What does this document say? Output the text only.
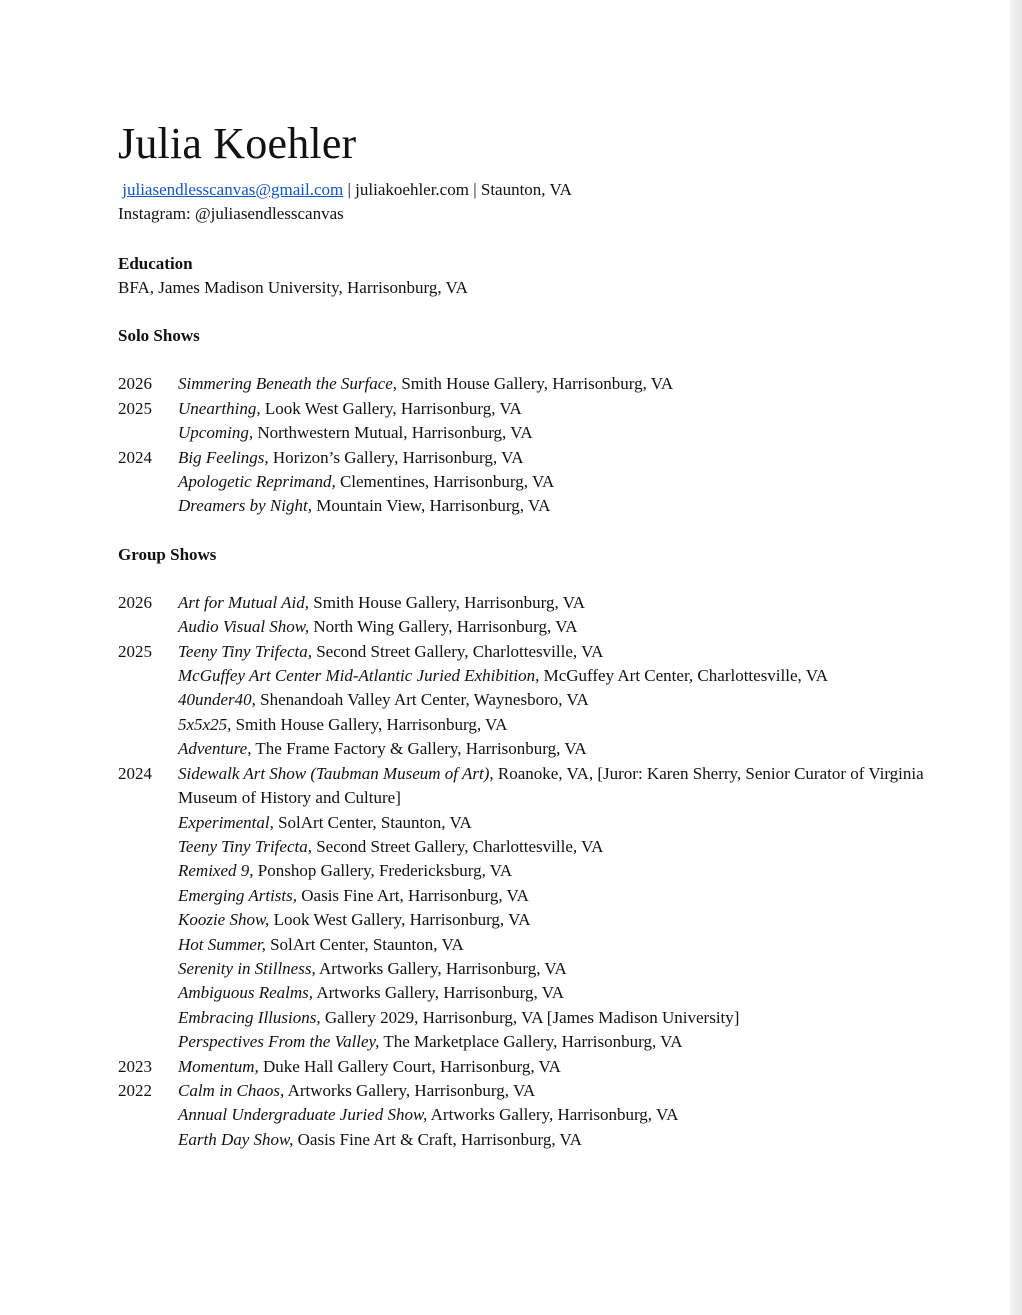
Julia Koehler
juliasendlesscanvas@gmail.com | juliakoehler.com | Staunton, VA
Instagram: @juliasendlesscanvas
Education
BFA, James Madison University, Harrisonburg, VA
Solo Shows
2026	Simmering Beneath the Surface, Smith House Gallery, Harrisonburg, VA
2025	Unearthing, Look West Gallery, Harrisonburg, VA
Upcoming, Northwestern Mutual, Harrisonburg, VA
2024	Big Feelings, Horizon’s Gallery, Harrisonburg, VA
Apologetic Reprimand, Clementines, Harrisonburg, VA
Dreamers by Night, Mountain View, Harrisonburg, VA
Group Shows
2026	Art for Mutual Aid, Smith House Gallery, Harrisonburg, VA
Audio Visual Show, North Wing Gallery, Harrisonburg, VA
2025	Teeny Tiny Trifecta, Second Street Gallery, Charlottesville, VA
McGuffey Art Center Mid-Atlantic Juried Exhibition, McGuffey Art Center, Charlottesville, VA
40under40, Shenandoah Valley Art Center, Waynesboro, VA
5x5x25, Smith House Gallery, Harrisonburg, VA
Adventure, The Frame Factory & Gallery, Harrisonburg, VA
2024	Sidewalk Art Show (Taubman Museum of Art), Roanoke, VA, [Juror: Karen Sherry, Senior Curator of Virginia Museum of History and Culture]
Experimental, SolArt Center, Staunton, VA
Teeny Tiny Trifecta, Second Street Gallery, Charlottesville, VA
Remixed 9, Ponshop Gallery, Fredericksburg, VA
Emerging Artists, Oasis Fine Art, Harrisonburg, VA
Koozie Show, Look West Gallery, Harrisonburg, VA
Hot Summer, SolArt Center, Staunton, VA
Serenity in Stillness, Artworks Gallery, Harrisonburg, VA
Ambiguous Realms, Artworks Gallery, Harrisonburg, VA
Embracing Illusions, Gallery 2029, Harrisonburg, VA [James Madison University]
Perspectives From the Valley, The Marketplace Gallery, Harrisonburg, VA
2023	Momentum, Duke Hall Gallery Court, Harrisonburg, VA
2022	Calm in Chaos, Artworks Gallery, Harrisonburg, VA
Annual Undergraduate Juried Show, Artworks Gallery, Harrisonburg, VA
Earth Day Show, Oasis Fine Art & Craft, Harrisonburg, VA
